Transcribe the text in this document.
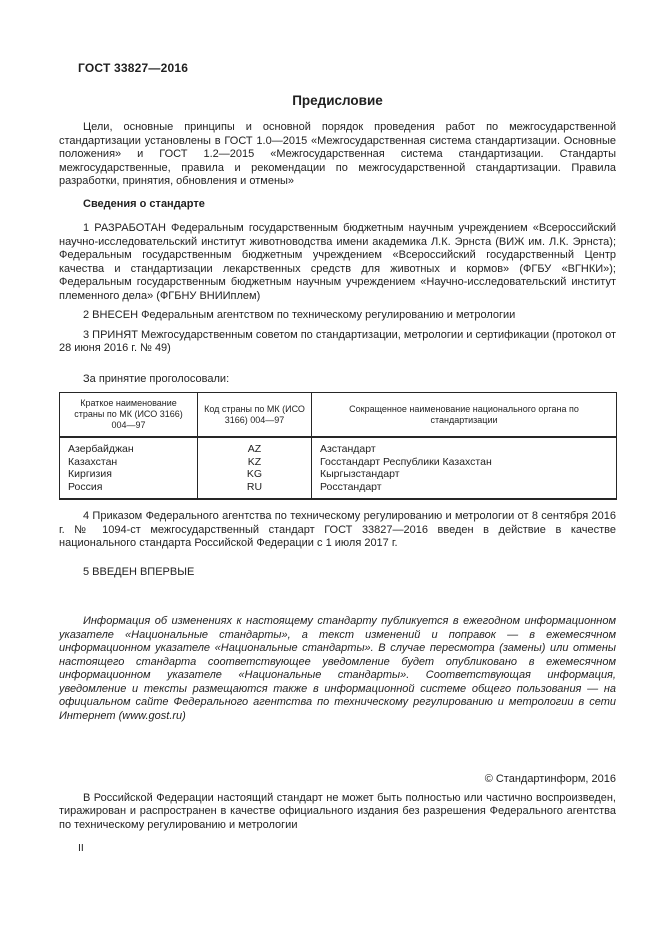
ГОСТ 33827—2016
Предисловие

Цели, основные принципы и основной порядок проведения работ по межгосударственной стандартизации установлены в ГОСТ 1.0—2015 «Межгосударственная система стандартизации. Основные положения» и ГОСТ 1.2—2015 «Межгосударственная система стандартизации. Стандарты межгосударственные, правила и рекомендации по межгосударственной стандартизации. Правила разработки, принятия, обновления и отмены»

Сведения о стандарте

1 РАЗРАБОТАН Федеральным государственным бюджетным научным учреждением «Всероссийский научно-исследовательский институт животноводства имени академика Л.К. Эрнста (ВИЖ им. Л.К. Эрнста); Федеральным государственным бюджетным учреждением «Всероссийский государственный Центр качества и стандартизации лекарственных средств для животных и кормов» (ФГБУ «ВГНКИ»); Федеральным государственным бюджетным научным учреждением «Научно-исследовательский институт племенного дела» (ФГБНУ ВНИИплем)

2 ВНЕСЕН Федеральным агентством по техническому регулированию и метрологии

3 ПРИНЯТ Межгосударственным советом по стандартизации, метрологии и сертификации (протокол от 28 июня 2016 г. № 49)

За принятие проголосовали:
Краткое наименование страны по МК (ИСО 3166) 004—97	Код страны по МК (ИСО 3166) 004—97	Сокращенное наименование национального органа по стандартизации
Азербайджан	AZ	Азстандарт
Казахстан	KZ	Госстандарт Республики Казахстан
Киргизия	KG	Кыргызстандарт
Россия	RU	Росстандарт

4 Приказом Федерального агентства по техническому регулированию и метрологии от 8 сентября 2016 г. № 1094-ст межгосударственный стандарт ГОСТ 33827—2016 введен в действие в качестве национального стандарта Российской Федерации с 1 июля 2017 г.

5 ВВЕДЕН ВПЕРВЫЕ

Информация об изменениях к настоящему стандарту публикуется в ежегодном информационном указателе «Национальные стандарты», а текст изменений и поправок — в ежемесячном информационном указателе «Национальные стандарты». В случае пересмотра (замены) или отмены настоящего стандарта соответствующее уведомление будет опубликовано в ежемесячном информационном указателе «Национальные стандарты». Соответствующая информация, уведомление и тексты размещаются также в информационной системе общего пользования — на официальном сайте Федерального агентства по техническому регулированию и метрологии в сети Интернет (www.gost.ru)

© Стандартинформ, 2016

В Российской Федерации настоящий стандарт не может быть полностью или частично воспроизведен, тиражирован и распространен в качестве официального издания без разрешения Федерального агентства по техническому регулированию и метрологии

II
